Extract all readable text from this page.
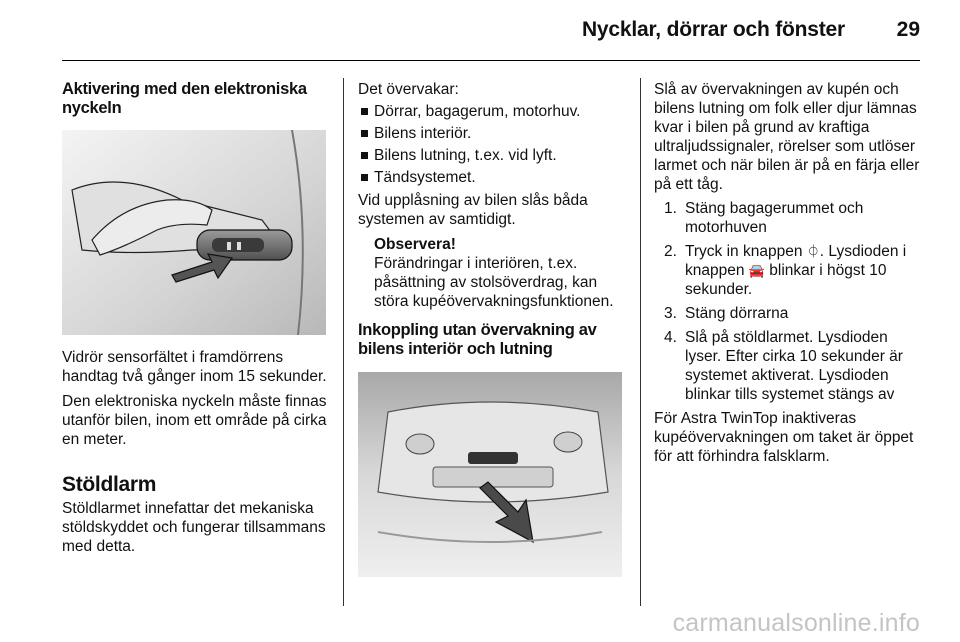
Nycklar, dörrar och fönster 29
Aktivering med den elektroniska nyckeln

Vidrör sensorfältet i framdörrens handtag två gånger inom 15 sekunder.

Den elektroniska nyckeln måste finnas utanför bilen, inom ett område på cirka en meter.

Stöldlarm

Stöldlarmet innefattar det mekaniska stöldskyddet och fungerar tillsammans med detta.

Det övervakar:

Dörrar, bagagerum, motorhuv.
Bilens interiör.
Bilens lutning, t.ex. vid lyft.
Tändsystemet.

Vid upplåsning av bilen slås båda systemen av samtidigt.

Observera!
Förändringar i interiören, t.ex. påsättning av stolsöverdrag, kan störa kupéövervakningsfunktionen.
Inkoppling utan övervakning av bilens interiör och lutning

Slå av övervakningen av kupén och bilens lutning om folk eller djur lämnas kvar i bilen på grund av kraftiga ultraljudssignaler, rörelser som utlöser larmet och när bilen är på en färja eller på ett tåg.

1. Stäng bagagerummet och motorhuven
2. Tryck in knappen ⏀. Lysdioden i knappen 🚘 blinkar i högst 10 sekunder.
3. Stäng dörrarna
4. Slå på stöldlarmet. Lysdioden lyser. Efter cirka 10 sekunder är systemet aktiverat. Lysdioden blinkar tills systemet stängs av

För Astra TwinTop inaktiveras kupéövervakningen om taket är öppet för att förhindra falsklarm.

carmanualsonline.info
